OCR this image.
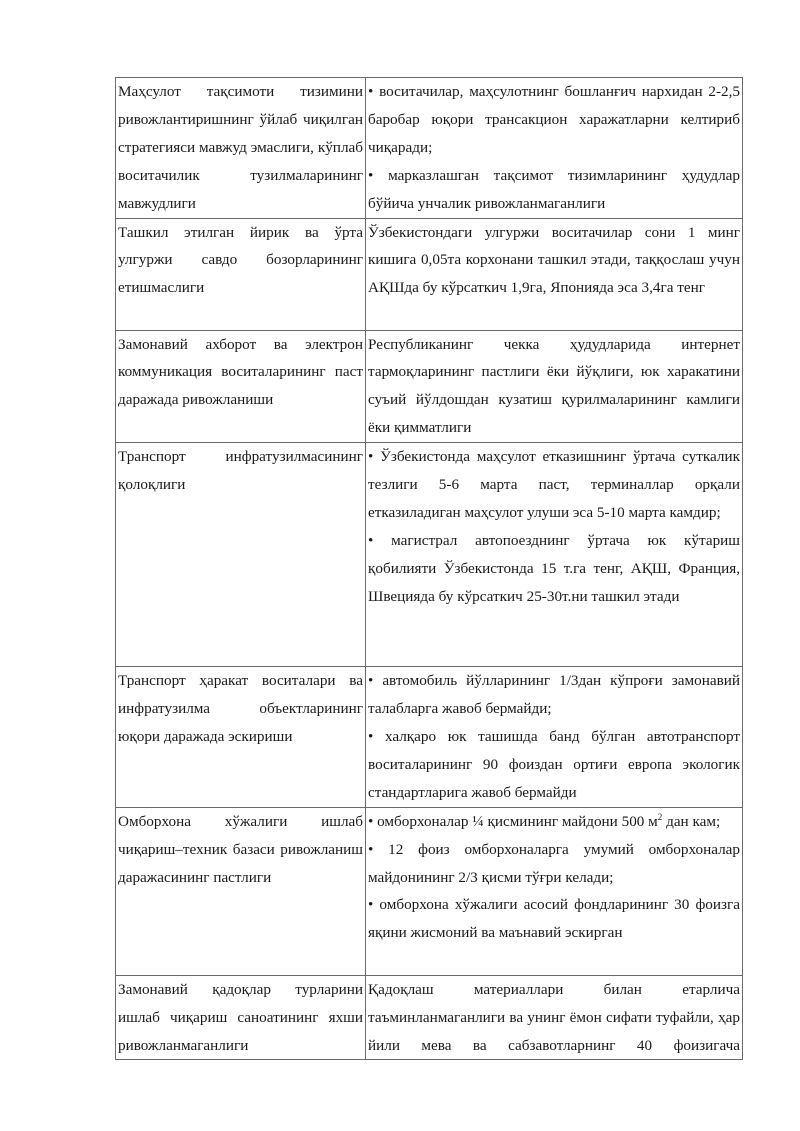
Маҳсулот тақсимоти тизимини ривожлантиришнинг ўйлаб чиқилган стратегияси мавжуд эмаслиги, кўплаб воситачилик тузилмаларининг мавжудлиги	• воситачилар, маҳсулотнинг бошланғич нархидан 2-2,5 баробар юқори трансакцион харажатларни келтириб чиқаради;
• марказлашган тақсимот тизимларининг ҳудудлар бўйича унчалик ривожланмаганлиги

Ташкил этилган йирик ва ўрта улгуржи савдо бозорларининг етишмаслиги	Ўзбекистондаги улгуржи воситачилар сони 1 минг кишига 0,05та корхонани ташкил этади, таққослаш учун АҚШда бу кўрсаткич 1,9га, Японияда эса 3,4га тенг

Замонавий ахборот ва электрон коммуникация воситаларининг паст даражада ривожланиши	Республиканинг чекка ҳудудларида интернет тармоқларининг пастлиги ёки йўқлиги, юк харакатини суъий йўлдошдан кузатиш қурилмаларининг камлиги ёки қимматлиги

Транспорт инфратузилмасининг қолоқлиги	• Ўзбекистонда маҳсулот етказишнинг ўртача суткалик тезлиги 5-6 марта паст, терминаллар орқали етказиладиган маҳсулот улуши эса 5-10 марта камдир;
• магистрал автопоезднинг ўртача юк кўтариш қобилияти Ўзбекистонда 15 т.га тенг, АҚШ, Франция, Швецияда бу кўрсаткич 25-30т.ни ташкил этади

Транспорт ҳаракат воситалари ва инфратузилма объектларининг юқори даражада эскириши	• автомобиль йўлларининг 1/3дан кўпроғи замонавий талабларга жавоб бермайди;
• халқаро юк ташишда банд бўлган автотранспорт воситаларининг 90 фоиздан ортиғи европа экологик стандартларига жавоб бермайди

Омборхона хўжалиги ишлаб чиқариш–техник базаси ривожланиш даражасининг пастлиги	• омборхоналар ¼ қисмининг майдони 500 $м^2$ дан кам;
• 12 фоиз омборхоналарга умумий омборхоналар майдонининг 2/3 қисми тўғри келади;
• омборхона хўжалиги асосий фондларининг 30 фоизга яқини жисмоний ва маънавий эскирган

Замонавий қадоқлар турларини ишлаб чиқариш саноатининг яхши ривожланмаганлиги	Қадоқлаш материаллари билан етарлича таъминланмаганлиги ва унинг ёмон сифати туфайли, ҳар йили мева ва сабзавотларнинг 40 фоизигача
